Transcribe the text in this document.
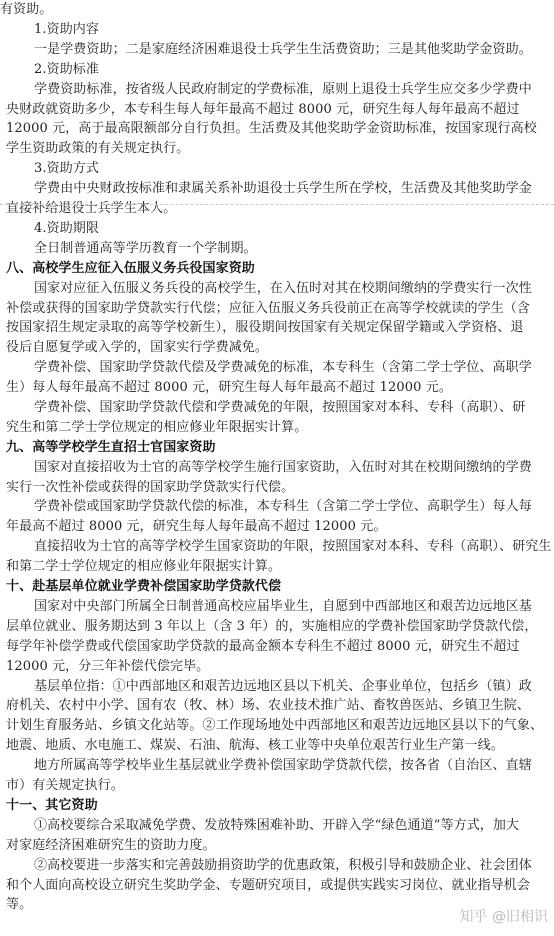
有资助。
1.资助内容
一是学费资助；二是家庭经济困难退役士兵学生生活费资助；三是其他奖助学金资助。
2.资助标准
学费资助标准，按省级人民政府制定的学费标准，原则上退役士兵学生应交多少学费中
央财政就资助多少，本专科生每人每年最高不超过 8000 元，研究生每人每年最高不超过
12000 元，高于最高限额部分自行负担。生活费及其他奖助学金资助标准，按国家现行高校
学生资助政策的有关规定执行。
3.资助方式
学费由中央财政按标准和隶属关系补助退役士兵学生所在学校，生活费及其他奖助学金
直接补给退役士兵学生本人。
4.资助期限
全日制普通高等学历教育一个学制期。
八、高校学生应征入伍服义务兵役国家资助
国家对应征入伍服义务兵役的高校学生，在入伍时对其在校期间缴纳的学费实行一次性
补偿或获得的国家助学贷款实行代偿；应征入伍服义务兵役前正在高等学校就读的学生（含
按国家招生规定录取的高等学校新生），服役期间按国家有关规定保留学籍或入学资格、退
役后自愿复学或入学的，国家实行学费减免。
学费补偿、国家助学贷款代偿及学费减免的标准，本专科生（含第二学士学位、高职学
生）每人每年最高不超过 8000 元，研究生每人每年最高不超过 12000 元。
学费补偿、国家助学贷款代偿和学费减免的年限，按照国家对本科、专科（高职）、研
究生和第二学士学位规定的相应修业年限据实计算。
九、高等学校学生直招士官国家资助
国家对直接招收为士官的高等学校学生施行国家资助，入伍时对其在校期间缴纳的学费
实行一次性补偿或获得的国家助学贷款实行代偿。
学费补偿或国家助学贷款代偿的标准，本专科生（含第二学士学位、高职学生）每人每
年最高不超过 8000 元，研究生每人每年最高不超过 12000 元。
直接招收为士官的高等学校学生国家资助的年限，按照国家对本科、专科（高职）、研究生
和第二学士学位规定的相应修业年限据实计算。
十、赴基层单位就业学费补偿国家助学贷款代偿
国家对中央部门所属全日制普通高校应届毕业生，自愿到中西部地区和艰苦边远地区基
层单位就业、服务期达到 3 年以上（含 3 年）的，实施相应的学费补偿国家助学贷款代偿，
每学年补偿学费或代偿国家助学贷款的最高金额本专科生不超过 8000 元，研究生不超过
12000 元，分三年补偿代偿完毕。
基层单位指：①中西部地区和艰苦边远地区县以下机关、企事业单位，包括乡（镇）政
府机关、农村中小学、国有农（牧、林）场、农业技术推广站、畜牧兽医站、乡镇卫生院、
计划生育服务站、乡镇文化站等。②工作现场地处中西部地区和艰苦边远地区县以下的气象、
地震、地质、水电施工、煤炭、石油、航海、核工业等中央单位艰苦行业生产第一线。
地方所属高等学校毕业生基层就业学费补偿国家助学贷款代偿，按各省（自治区、直辖
市）有关规定执行。
十一、其它资助
①高校要综合采取减免学费、发放特殊困难补助、开辟入学“绿色通道”等方式，加大
对家庭经济困难研究生的资助力度。
②高校要进一步落实和完善鼓励捐资助学的优惠政策，积极引导和鼓励企业、社会团体
和个人面向高校设立研究生奖助学金、专题研究项目，或提供实践实习岗位、就业指导机会
等。
知乎 @旧相识
